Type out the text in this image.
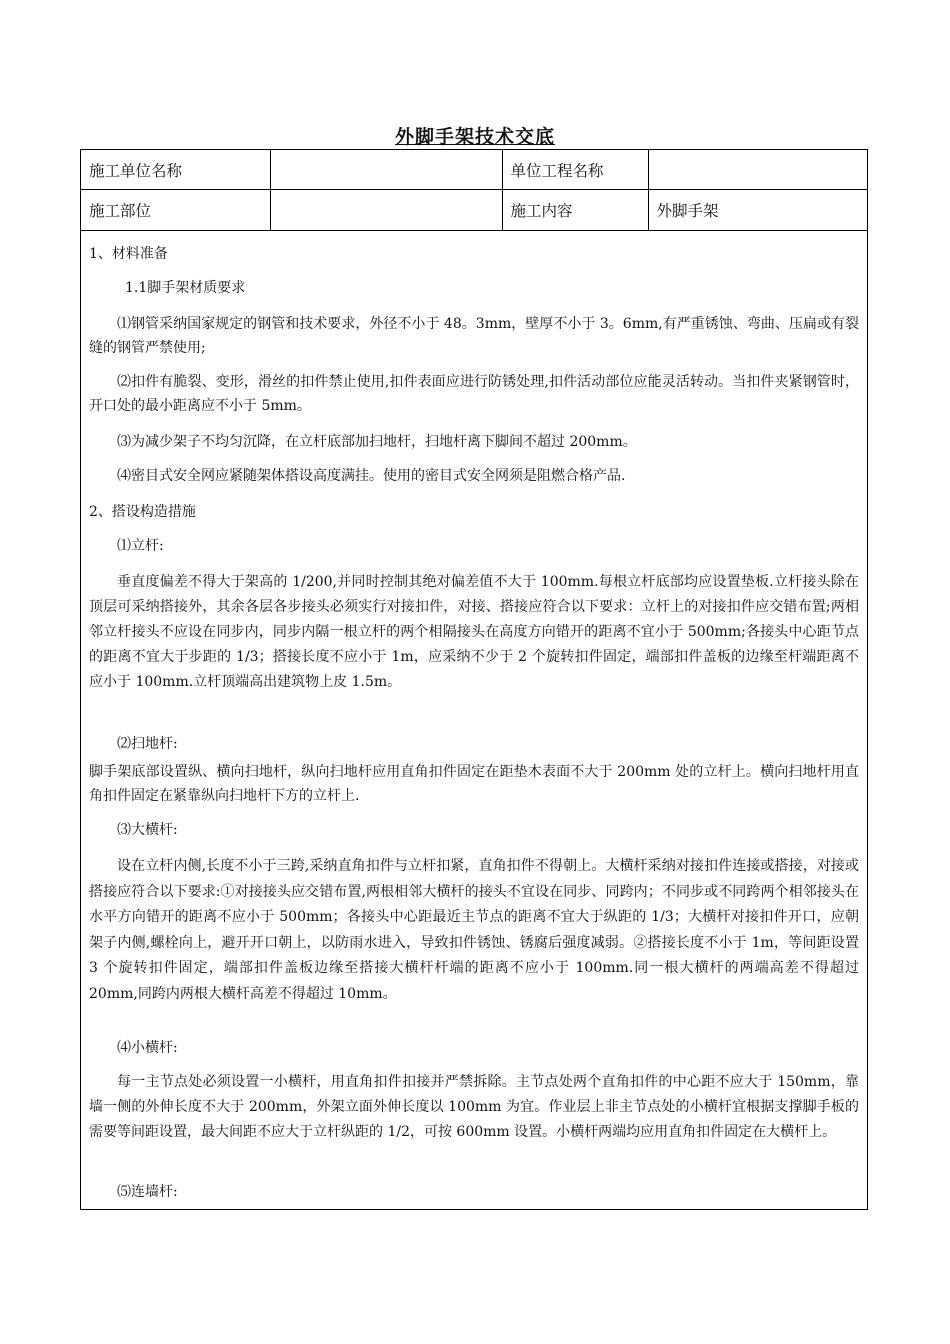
外脚手架技术交底
施工单位名称		单位工程名称	
施工部位		施工内容	外脚手架
1、材料准备
1.1脚手架材质要求
⑴钢管采纳国家规定的钢管和技术要求，外径不小于 48。3mm，壁厚不小于 3。6mm,有严重锈蚀、弯曲、压扁或有裂缝的钢管严禁使用;
⑵扣件有脆裂、变形，滑丝的扣件禁止使用,扣件表面应进行防锈处理,扣件活动部位应能灵活转动。当扣件夹紧钢管时，开口处的最小距离应不小于 5mm。
⑶为减少架子不均匀沉降，在立杆底部加扫地杆，扫地杆离下脚间不超过 200mm。
⑷密目式安全网应紧随架体搭设高度满挂。使用的密目式安全网须是阻燃合格产品.
2、搭设构造措施
⑴立杆:
垂直度偏差不得大于架高的 1/200,并同时控制其绝对偏差值不大于 100mm.每根立杆底部均应设置垫板.立杆接头除在顶层可采纳搭接外，其余各层各步接头必须实行对接扣件，对接、搭接应符合以下要求：立杆上的对接扣件应交错布置;两相邻立杆接头不应设在同步内，同步内隔一根立杆的两个相隔接头在高度方向错开的距离不宜小于 500mm;各接头中心距节点的距离不宜大于步距的 1/3；搭接长度不应小于 1m，应采纳不少于 2 个旋转扣件固定，端部扣件盖板的边缘至杆端距离不应小于 100mm.立杆顶端高出建筑物上皮 1.5m。
⑵扫地杆:
脚手架底部设置纵、横向扫地杆，纵向扫地杆应用直角扣件固定在距垫木表面不大于 200mm 处的立杆上。横向扫地杆用直角扣件固定在紧靠纵向扫地杆下方的立杆上.
⑶大横杆:
设在立杆内侧,长度不小于三跨,采纳直角扣件与立杆扣紧，直角扣件不得朝上。大横杆采纳对接扣件连接或搭接，对接或搭接应符合以下要求:①对接接头应交错布置,两根相邻大横杆的接头不宜设在同步、同跨内；不同步或不同跨两个相邻接头在水平方向错开的距离不应小于 500mm；各接头中心距最近主节点的距离不宜大于纵距的 1/3；大横杆对接扣件开口，应朝架子内侧,螺栓向上，避开开口朝上，以防雨水进入，导致扣件锈蚀、锈腐后强度减弱。②搭接长度不小于 1m，等间距设置 3 个旋转扣件固定，端部扣件盖板边缘至搭接大横杆杆端的距离不应小于 100mm.同一根大横杆的两端高差不得超过 20mm,同跨内两根大横杆高差不得超过 10mm。
⑷小横杆:
每一主节点处必须设置一小横杆，用直角扣件扣接并严禁拆除。主节点处两个直角扣件的中心距不应大于 150mm，靠墙一侧的外伸长度不大于 200mm，外架立面外伸长度以 100mm 为宜。作业层上非主节点处的小横杆宜根据支撑脚手板的需要等间距设置，最大间距不应大于立杆纵距的 1/2，可按 600mm 设置。小横杆两端均应用直角扣件固定在大横杆上。
⑸连墙杆:
